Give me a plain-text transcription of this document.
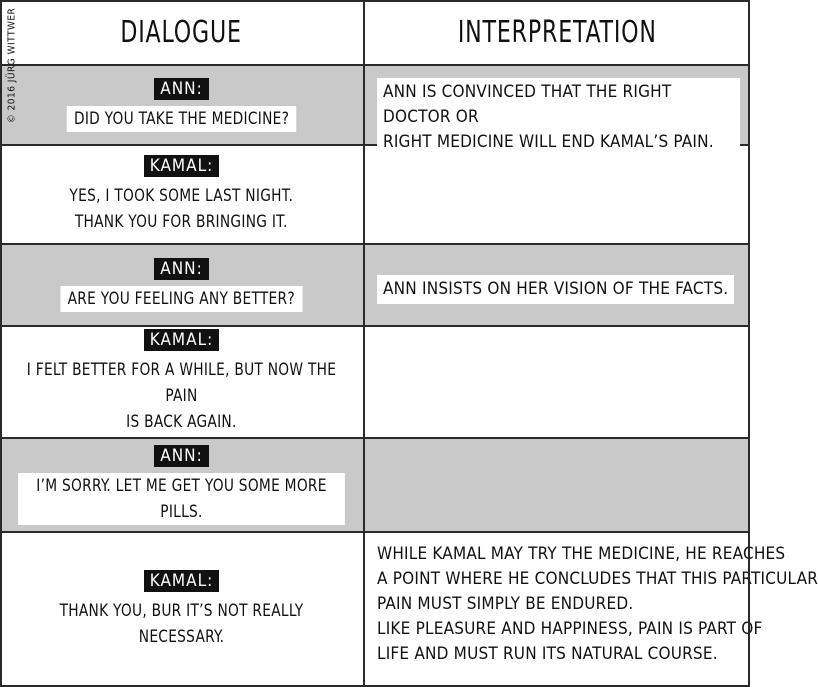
DIALOGUE	INTERPRETATION
ANN:
DID YOU TAKE THE MEDICINE?
ANN IS CONVINCED THAT THE RIGHT DOCTOR OR
RIGHT MEDICINE WILL END KAMAL’S PAIN.
KAMAL:
YES, I TOOK SOME LAST NIGHT.
THANK YOU FOR BRINGING IT.
ANN:
ARE YOU FEELING ANY BETTER?	ANN INSISTS ON HER VISION OF THE FACTS.
KAMAL:
I FELT BETTER FOR A WHILE, BUT NOW THE PAIN
IS BACK AGAIN.
ANN:
I’M SORRY. LET ME GET YOU SOME MORE PILLS.
KAMAL:
THANK YOU, BUR IT’S NOT REALLY NECESSARY.
WHILE KAMAL MAY TRY THE MEDICINE, HE REACHES
A POINT WHERE HE CONCLUDES THAT THIS PARTICULAR
PAIN MUST SIMPLY BE ENDURED.
LIKE PLEASURE AND HAPPINESS, PAIN IS PART OF
LIFE AND MUST RUN ITS NATURAL COURSE.
© 2016 JÜRG WITTWER
